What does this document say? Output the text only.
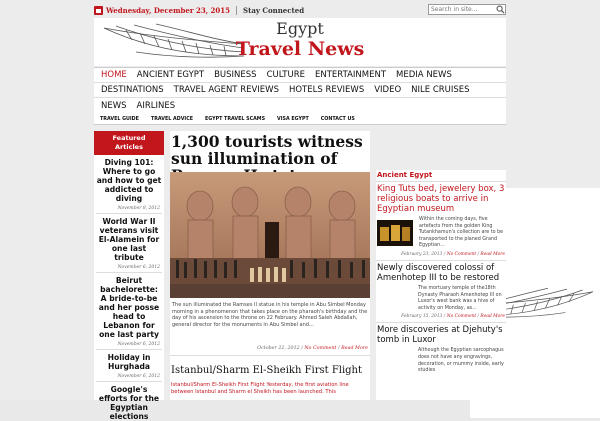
Wednesday, December 23, 2015 Stay Connected
Search in site...
Egypt
Travel News
HOME	ANCIENT EGYPT	BUSINESS	CULTURE	ENTERTAINMENT	MEDIA NEWS
DESTINATIONS	TRAVEL AGENT REVIEWS	HOTELS REVIEWS	VIDEO	NILE CRUISES
NEWS	AIRLINES
TRAVEL GUIDE	TRAVEL ADVICE	EGYPT TRAVEL SCAMS	VISA EGYPT	CONTACT US
Featured
Articles
Diving 101: Where to go and how to get addicted to diving
November 8, 2012
World War II veterans visit El-Alamein for one last tribute
November 6, 2012
Beirut bachelorette: A bride-to-be and her posse head to Lebanon for one last party
November 6, 2012
Holiday in Hurghada
November 6, 2012
Google's efforts for the Egyptian elections
1,300 tourists witness sun illumination of
The sun illuminated the Ramses II statue in his temple in Abu Simbel Monday morning in a phenomenon that takes place on the pharaoh's birthday and the day of his ascension to the throne on 22 February. Ahmed Saleh Abdallah, general director for the monuments in Abu Simbel and...
October 22, 2012 / No Comment / Read More
Istanbul/Sharm El-Sheikh First Flight
Istanbul/Sharm El-Sheikh First Flight Yesterday, the first aviation line between Istanbul and Sharm el Sheikh has been launched. This
Ancient Egypt
King Tuts bed, jewelery box, 3 religious boats to arrive in Egyptian museum
Within the coming days, five artefacts from the golden King Tutankhamun's collection are to be transported to the planed Grand Egyptian...
February 23, 2013 / No Comment / Read More
Newly discovered colossi of Amenhotep III to be restored
The mortuary temple of the18th Dynasty Pharaoh Amenhotep III on Luxor's west bank was a hive of activity on Monday, as...
February 15, 2013 / No Comment / Read More
More discoveries at Djehuty's tomb in Luxor
Although the Egyptian sarcophagus does not have any engravings, decoration, or mummy inside, early studies
